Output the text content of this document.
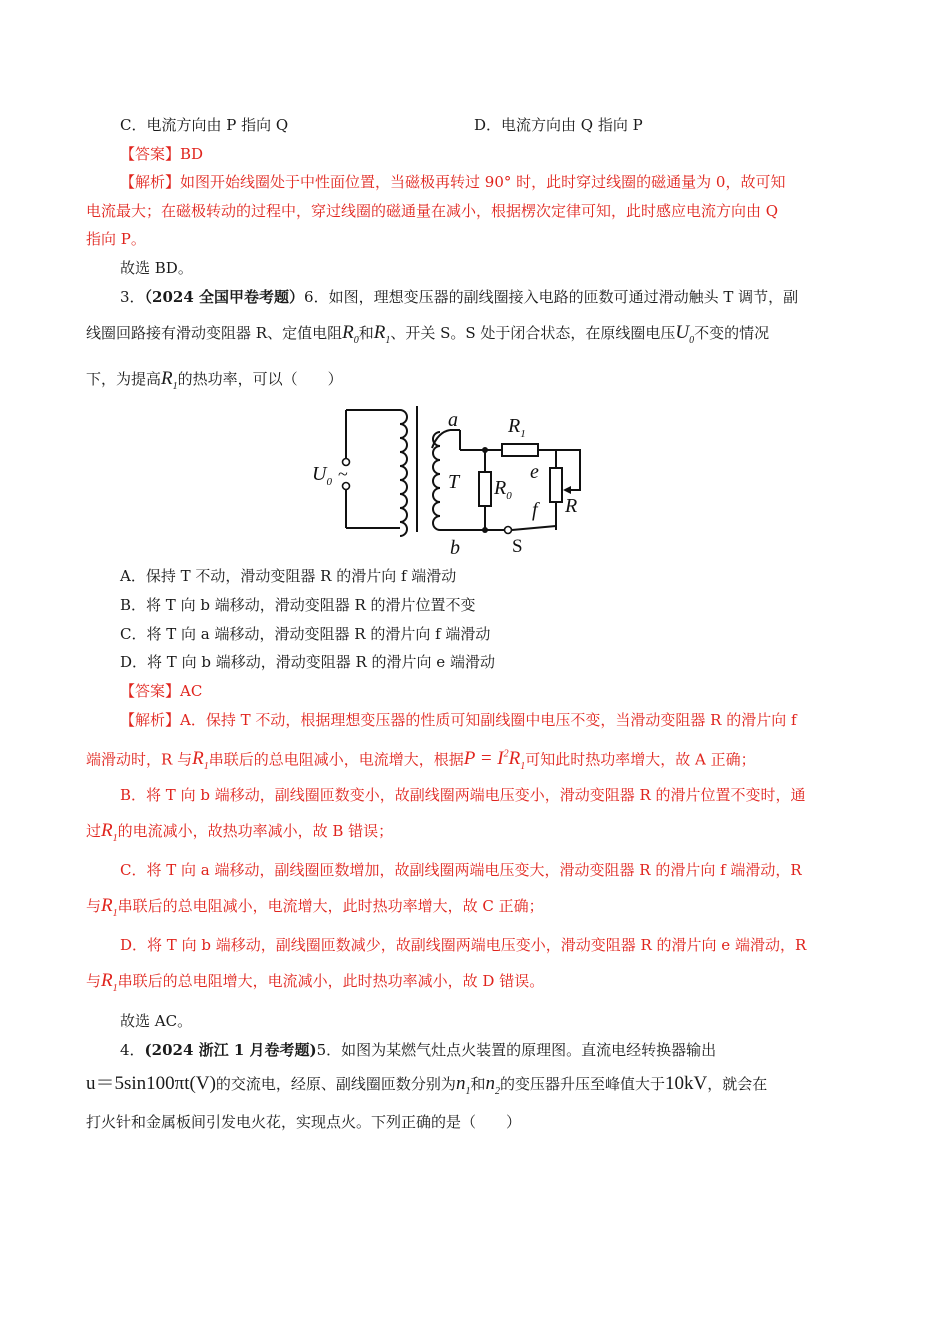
C．电流方向由 P 指向 Q	D．电流方向由 Q 指向 P
【答案】BD
【解析】如图开始线圈处于中性面位置，当磁极再转过 90° 时，此时穿过线圈的磁通量为 0，故可知
电流最大；在磁极转动的过程中，穿过线圈的磁通量在减小，根据楞次定律可知，此时感应电流方向由 Q
指向 P。
故选 BD。
3．（2024 全国甲卷考题）6．如图，理想变压器的副线圈接入电路的匝数可通过滑动触头 T 调节，副
线圈回路接有滑动变阻器 R、定值电阻$R_0$和$R_1$、开关 S。S 处于闭合状态，在原线圈电压$U_0$不变的情况
下，为提高$R_1$的热功率，可以（　　）
$U_0$
a
b
T
$R_1$
$R_0$
e
f R
~
S
A．保持 T 不动，滑动变阻器 R 的滑片向 f 端滑动
B．将 T 向 b 端移动，滑动变阻器 R 的滑片位置不变
C．将 T 向 a 端移动，滑动变阻器 R 的滑片向 f 端滑动
D．将 T 向 b 端移动，滑动变阻器 R 的滑片向 e 端滑动
【答案】AC
【解析】A．保持 T 不动，根据理想变压器的性质可知副线圈中电压不变，当滑动变阻器 R 的滑片向 f
端滑动时，R 与$R_1$串联后的总电阻减小，电流增大，根据$P = I^2R_1$可知此时热功率增大，故 A 正确；
B．将 T 向 b 端移动，副线圈匝数变小，故副线圈两端电压变小，滑动变阻器 R 的滑片位置不变时，通
过$R_1$的电流减小，故热功率减小，故 B 错误；
C．将 T 向 a 端移动，副线圈匝数增加，故副线圈两端电压变大，滑动变阻器 R 的滑片向 f 端滑动，R
与$R_1$串联后的总电阻减小，电流增大，此时热功率增大，故 C 正确；
D．将 T 向 b 端移动，副线圈匝数减少，故副线圈两端电压变小，滑动变阻器 R 的滑片向 e 端滑动，R
与$R_1$串联后的总电阻增大，电流减小，此时热功率减小，故 D 错误。
故选 AC。
4．(2024 浙江 1 月卷考题)5．如图为某燃气灶点火装置的原理图。直流电经转换器输出
u＝5sin100πt(V)的交流电，经原、副线圈匝数分别为$n_1$和$n_2$的变压器升压至峰值大于10kV，就会在
打火针和金属板间引发电火花，实现点火。下列正确的是（　　）
